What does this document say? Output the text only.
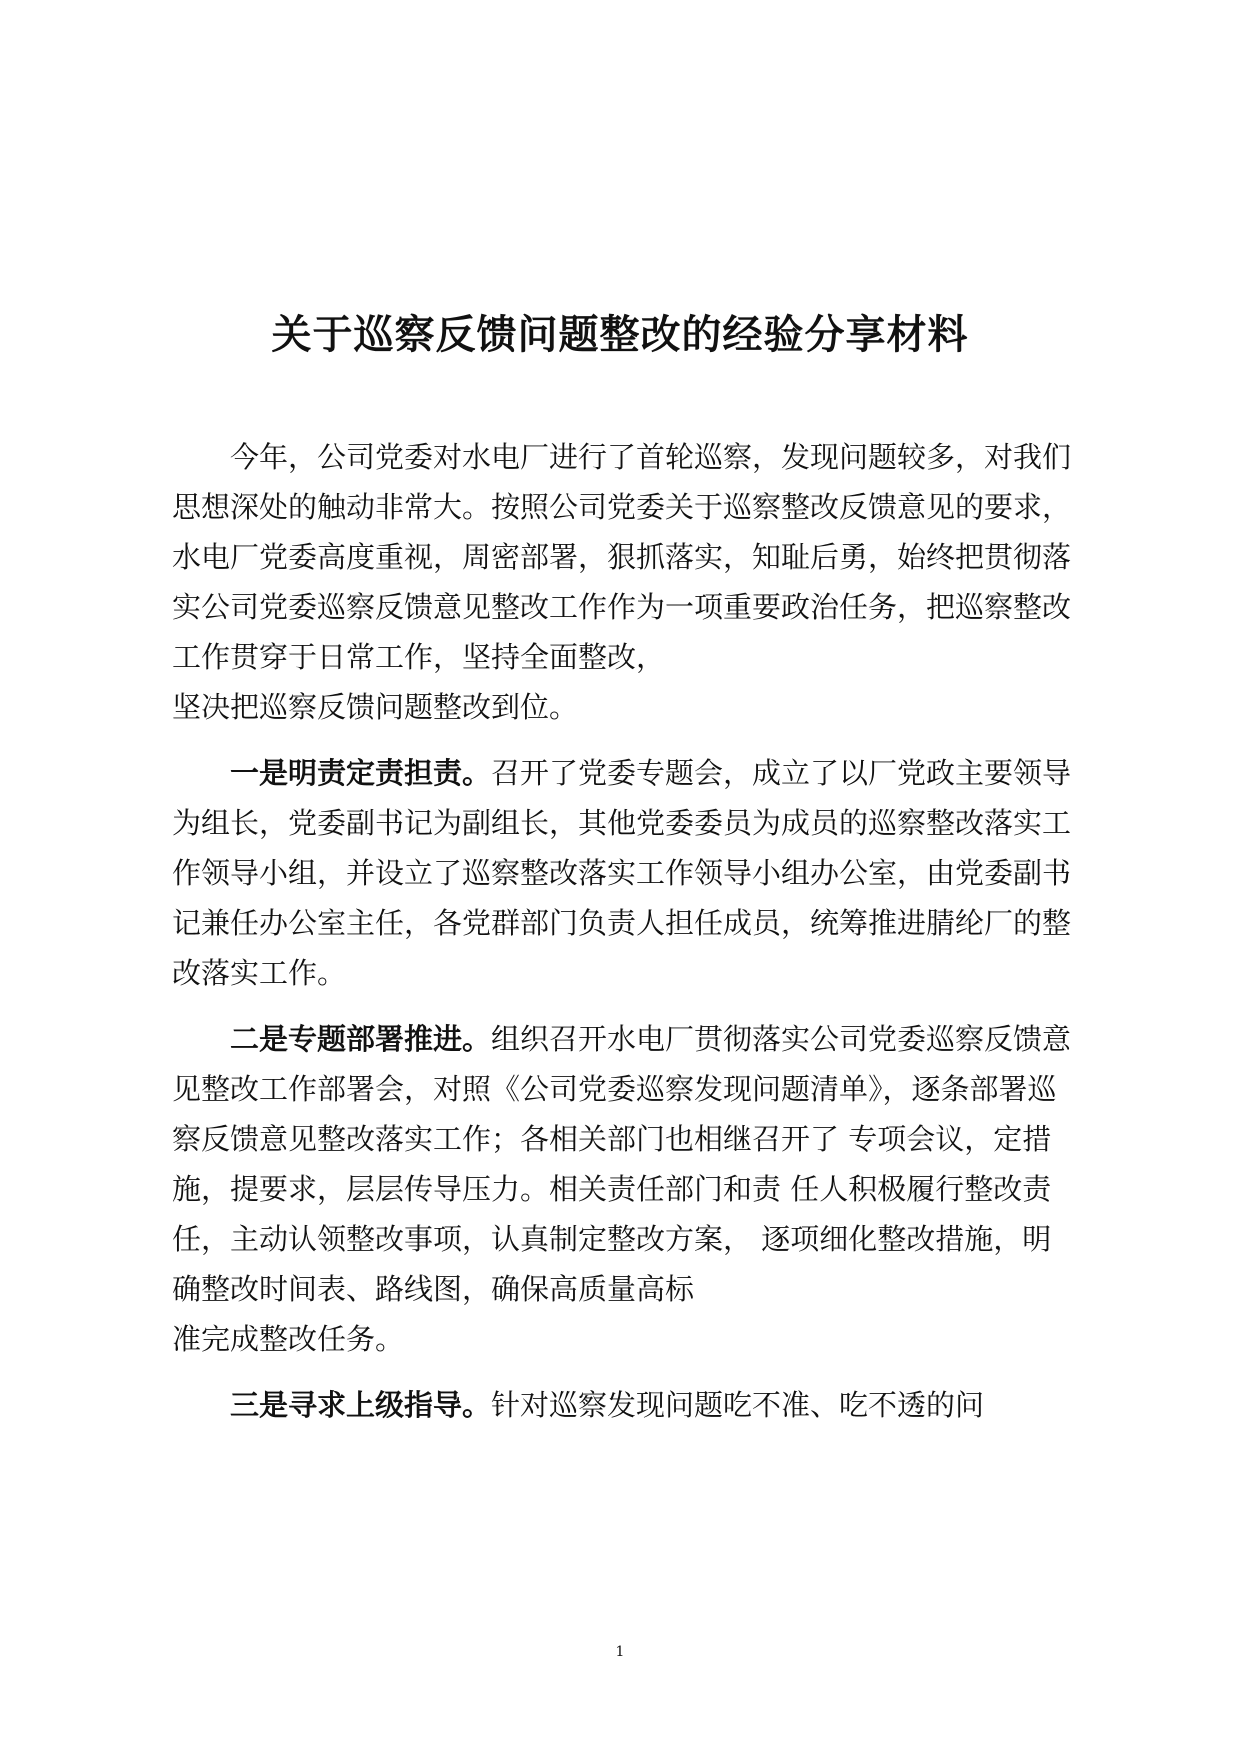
关于巡察反馈问题整改的经验分享材料

今年，公司党委对水电厂进行了首轮巡察，发现问题较多，对我们思想深处的触动非常大。按照公司党委关于巡察整改反馈意见的要求，水电厂党委高度重视，周密部署，狠抓落实，知耻后勇，始终把贯彻落实公司党委巡察反馈意见整改工作作为一项重要政治任务，把巡察整改工作贯穿于日常工作，坚持全面整改，

坚决把巡察反馈问题整改到位。

一是明责定责担责。召开了党委专题会，成立了以厂党政主要领导为组长，党委副书记为副组长，其他党委委员为成员的巡察整改落实工作领导小组，并设立了巡察整改落实工作领导小组办公室，由党委副书记兼任办公室主任，各党群部门负责人担任成员，统筹推进腈纶厂的整改落实工作。

二是专题部署推进。组织召开水电厂贯彻落实公司党委巡察反馈意见整改工作部署会，对照《公司党委巡察发现问题清单》，逐条部署巡察反馈意见整改落实工作；各相关部门也相继召开了 专项会议，定措施，提要求，层层传导压力。相关责任部门和责 任人积极履行整改责任，主动认领整改事项，认真制定整改方案， 逐项细化整改措施，明确整改时间表、路线图，确保高质量高标

准完成整改任务。

三是寻求上级指导。针对巡察发现问题吃不准、吃不透的问

1
